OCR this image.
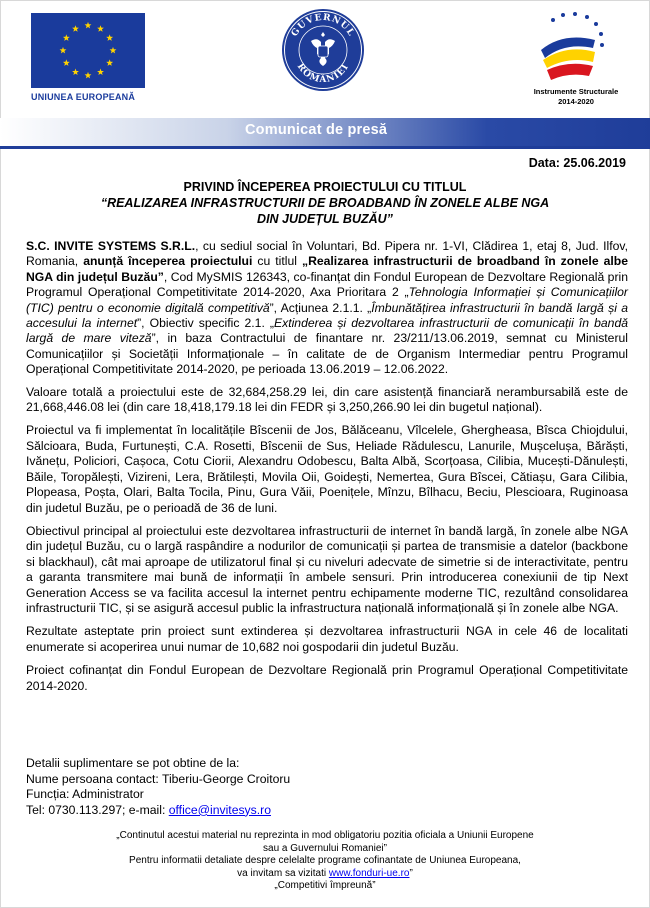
UNIUNEA EUROPEANĂ
GUVERNUL
ROMÂNIEI
Instrumente Structurale
2014-2020
Comunicat de presă
Data: 25.06.2019
PRIVIND ÎNCEPEREA PROIECTULUI CU TITLUL
“REALIZAREA INFRASTRUCTURII DE BROADBAND ÎN ZONELE ALBE NGA
DIN JUDEȚUL BUZĂU”

S.C. INVITE SYSTEMS S.R.L., cu sediul social în Voluntari, Bd. Pipera nr. 1-VI, Clădirea 1, etaj 8, Jud. Ilfov, Romania, anunță începerea proiectului cu titlul „Realizarea infrastructurii de broadband în zonele albe NGA din județul Buzău”, Cod MySMIS 126343, co-finanțat din Fondul European de Dezvoltare Regională prin Programul Operațional Competitivitate 2014-2020, Axa Prioritara 2 „Tehnologia Informației și Comunicațiilor (TIC) pentru o economie digitală competitivă”, Acțiunea 2.1.1. „Îmbunătățirea infrastructurii în bandă largă și a accesului la internet”, Obiectiv specific 2.1. „Extinderea și dezvoltarea infrastructurii de comunicații în bandă largă de mare viteză”, in baza Contractului de finantare nr. 23/211/13.06.2019, semnat cu Ministerul Comunicațiilor și Societății Informaționale – în calitate de de Organism Intermediar pentru Programul Operațional Competitivitate 2014-2020, pe perioada 13.06.2019 – 12.06.2022.

Valoare totală a proiectului este de 32,684,258.29 lei, din care asistență financiară nerambursabilă este de 21,668,446.08 lei (din care 18,418,179.18 lei din FEDR și 3,250,266.90 lei din bugetul național).

Proiectul va fi implementat în localitățile Bîscenii de Jos, Bălăceanu, Vîlcelele, Ghergheasa, Bîsca Chiojdului, Sălcioara, Buda, Furtunești, C.A. Rosetti, Bîscenii de Sus, Heliade Rădulescu, Lanurile, Mușcelușa, Bărăști, Ivănețu, Policiori, Cașoca, Cotu Ciorii, Alexandru Odobescu, Balta Albă, Scorțoasa, Cilibia, Mucești-Dănulești, Băile, Toropălești, Vizireni, Lera, Brătilești, Movila Oii, Goidești, Nemertea, Gura Bîscei, Cătiașu, Gara Cilibia, Plopeasa, Poșta, Olari, Balta Tocila, Pinu, Gura Văii, Poenițele, Mînzu, Bîlhacu, Beciu, Plescioara, Ruginoasa din judetul Buzău, pe o perioadă de 36 de luni.

Obiectivul principal al proiectului este dezvoltarea infrastructurii de internet în bandă largă, în zonele albe NGA din județul Buzău, cu o largă raspândire a nodurilor de comunicații și partea de transmisie a datelor (backbone si blackhaul), cât mai aproape de utilizatorul final și cu niveluri adecvate de simetrie si de interactivitate, pentru a garanta transmitere mai bună de informații în ambele sensuri. Prin introducerea conexiunii de tip Next Generation Access se va facilita accesul la internet pentru echipamente moderne TIC, rezultând consolidarea infrastructurii TIC, și se asigură accesul public la infrastructura națională informațională și în zonele albe NGA.

Rezultate asteptate prin proiect sunt extinderea și dezvoltarea infrastructurii NGA in cele 46 de localitati enumerate si acoperirea unui numar de 10,682 noi gospodarii din judetul Buzău.

Proiect cofinanțat din Fondul European de Dezvoltare Regională prin Programul Operațional Competitivitate 2014-2020.

Detalii suplimentare se pot obtine de la:
Nume persoana contact: Tiberiu-George Croitoru
Funcția: Administrator
Tel: 0730.113.297; e-mail: office@invitesys.ro
„Continutul acestui material nu reprezinta in mod obligatoriu pozitia oficiala a Uniunii Europene
sau a Guvernului Romaniei”
Pentru informatii detaliate despre celelalte programe cofinantate de Uniunea Europeana,
va invitam sa vizitati www.fonduri-ue.ro”
„Competitivi împreună”
